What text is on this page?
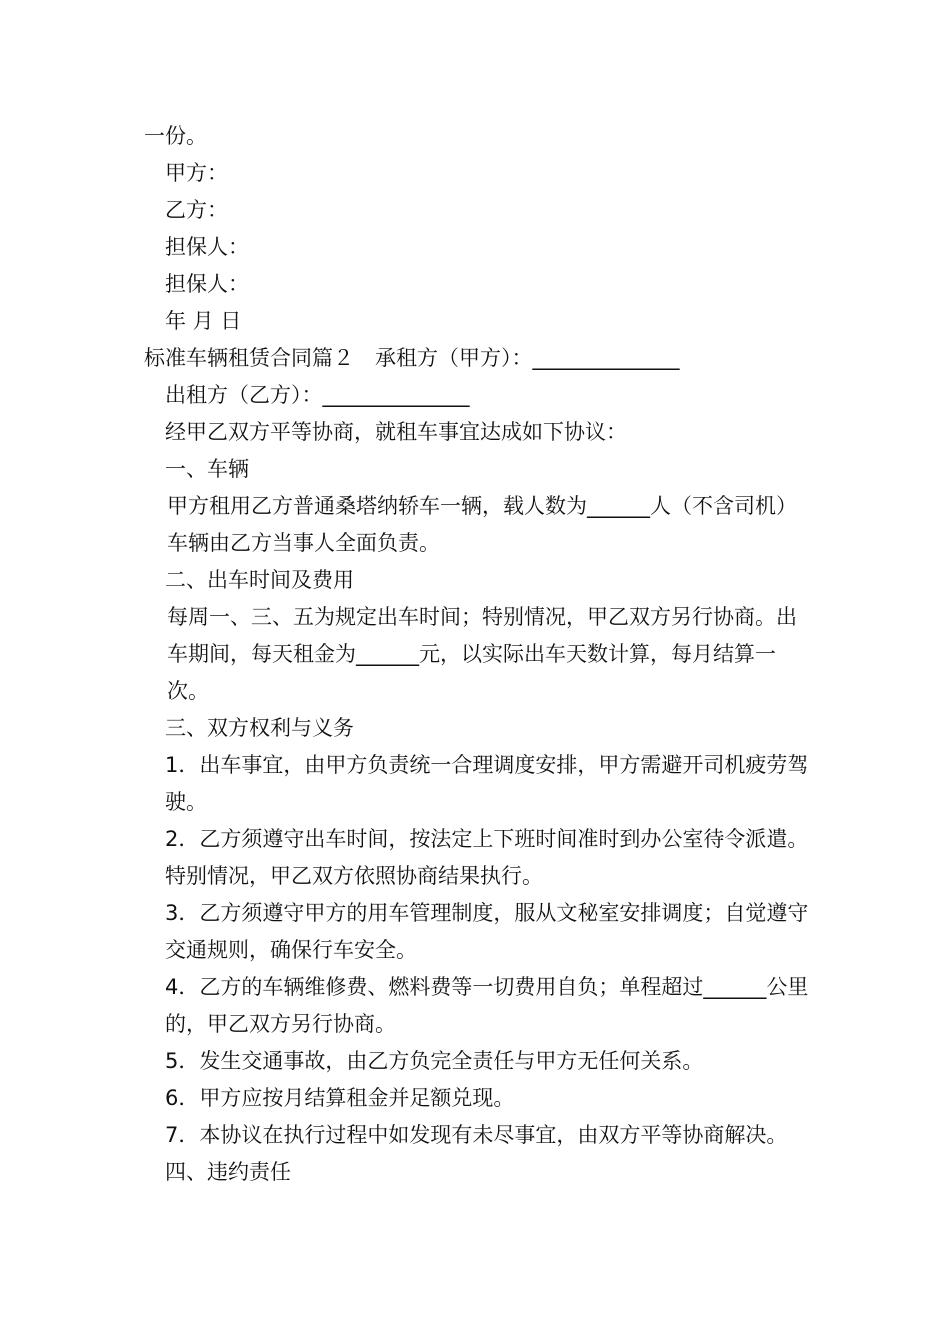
一份。

甲方：

乙方：

担保人：

担保人：

年 月 日

标准车辆租赁合同篇２　承租方（甲方）：______________

出租方（乙方）：______________

经甲乙双方平等协商，就租车事宜达成如下协议：

一、车辆

甲方租用乙方普通桑塔纳轿车一辆，载人数为______人（不含司机）车辆由乙方当事人全面负责。

二、出车时间及费用

每周一、三、五为规定出车时间；特别情况，甲乙双方另行协商。出车期间，每天租金为______元，以实际出车天数计算，每月结算一次。

三、双方权利与义务

1．出车事宜，由甲方负责统一合理调度安排，甲方需避开司机疲劳驾驶。

2．乙方须遵守出车时间，按法定上下班时间准时到办公室待令派遣。特别情况，甲乙双方依照协商结果执行。

3．乙方须遵守甲方的用车管理制度，服从文秘室安排调度；自觉遵守交通规则，确保行车安全。

4．乙方的车辆维修费、燃料费等一切费用自负；单程超过______公里的，甲乙双方另行协商。

5．发生交通事故，由乙方负完全责任与甲方无任何关系。

6．甲方应按月结算租金并足额兑现。

7．本协议在执行过程中如发现有未尽事宜，由双方平等协商解决。

四、违约责任
